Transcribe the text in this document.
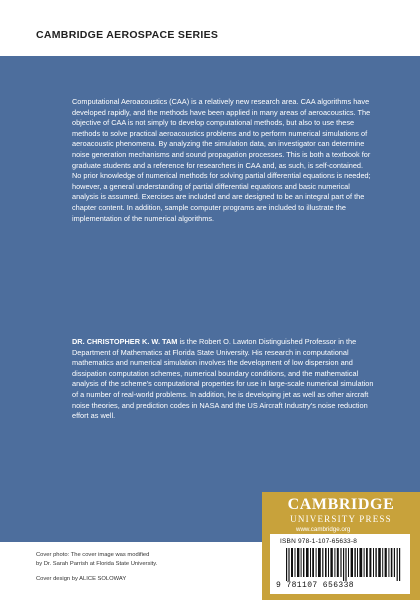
CAMBRIDGE AEROSPACE SERIES
Computational Aeroacoustics (CAA) is a relatively new research area. CAA algorithms have developed rapidly, and the methods have been applied in many areas of aeroacoustics. The objective of CAA is not simply to develop computational methods, but also to use these methods to solve practical aeroacoustics problems and to perform numerical simulations of aeroacoustic phenomena. By analyzing the simulation data, an investigator can determine noise generation mechanisms and sound propagation processes. This is both a textbook for graduate students and a reference for researchers in CAA and, as such, is self-contained. No prior knowledge of numerical methods for solving partial differential equations is needed; however, a general understanding of partial differential equations and basic numerical analysis is assumed. Exercises are included and are designed to be an integral part of the chapter content. In addition, sample computer programs are included to illustrate the implementation of the numerical algorithms.
DR. CHRISTOPHER K. W. TAM is the Robert O. Lawton Distinguished Professor in the Department of Mathematics at Florida State University. His research in computational mathematics and numerical simulation involves the development of low dispersion and dissipation computation schemes, numerical boundary conditions, and the mathematical analysis of the scheme's computational properties for use in large-scale numerical simulation of a number of real-world problems. In addition, he is developing jet as well as other aircraft noise theories, and prediction codes in NASA and the US Aircraft Industry's noise reduction effort as well.
CAMBRIDGE
UNIVERSITY PRESS
www.cambridge.org
ISBN 978-1-107-65633-8
9 781107 656338
Cover photo: The cover image was modified
by Dr. Sarah Parrish at Florida State University.
Cover design by ALICE SOLOWAY
